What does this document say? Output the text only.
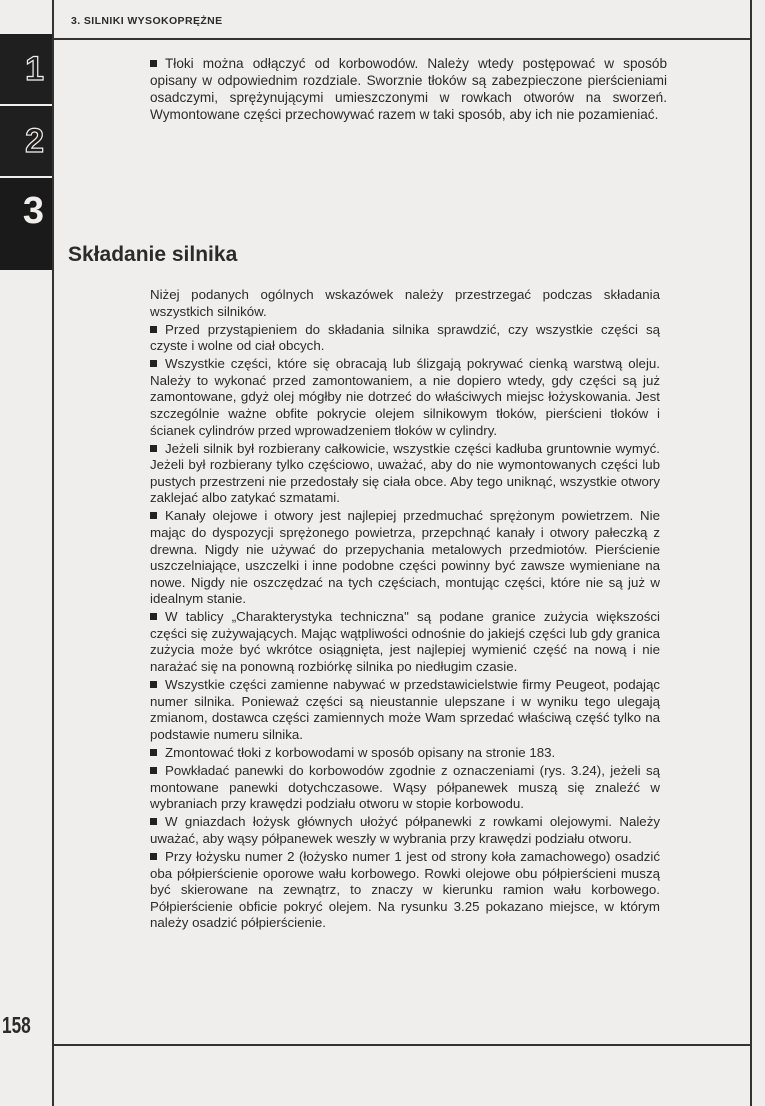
3. SILNIKI WYSOKOPRĘŻNE
1
2
3
158
Tłoki można odłączyć od korbowodów. Należy wtedy postępować w sposób opisany w odpowiednim rozdziale. Sworznie tłoków są zabezpieczone pierścieniami osadczymi, sprężynującymi umieszczonymi w rowkach otworów na sworzeń. Wymontowane części przechowywać razem w taki sposób, aby ich nie pozamieniać.
Składanie silnika

Niżej podanych ogólnych wskazówek należy przestrzegać podczas składania wszystkich silników.

Przed przystąpieniem do składania silnika sprawdzić, czy wszystkie części są czyste i wolne od ciał obcych.

Wszystkie części, które się obracają lub ślizgają pokrywać cienką warstwą oleju. Należy to wykonać przed zamontowaniem, a nie dopiero wtedy, gdy części są już zamontowane, gdyż olej mógłby nie dotrzeć do właściwych miejsc łożyskowania. Jest szczególnie ważne obfite pokrycie olejem silnikowym tłoków, pierścieni tłoków i ścianek cylindrów przed wprowadzeniem tłoków w cylindry.

Jeżeli silnik był rozbierany całkowicie, wszystkie części kadłuba gruntownie wymyć. Jeżeli był rozbierany tylko częściowo, uważać, aby do nie wymontowanych części lub pustych przestrzeni nie przedostały się ciała obce. Aby tego uniknąć, wszystkie otwory zaklejać albo zatykać szmatami.

Kanały olejowe i otwory jest najlepiej przedmuchać sprężonym powietrzem. Nie mając do dyspozycji sprężonego powietrza, przepchnąć kanały i otwory pałeczką z drewna. Nigdy nie używać do przepychania metalowych przedmiotów. Pierścienie uszczelniające, uszczelki i inne podobne części powinny być zawsze wymieniane na nowe. Nigdy nie oszczędzać na tych częściach, montując części, które nie są już w idealnym stanie.

W tablicy „Charakterystyka techniczna" są podane granice zużycia większości części się zużywających. Mając wątpliwości odnośnie do jakiejś części lub gdy granica zużycia może być wkrótce osiągnięta, jest najlepiej wymienić część na nową i nie narażać się na ponowną rozbiórkę silnika po niedługim czasie.

Wszystkie części zamienne nabywać w przedstawicielstwie firmy Peugeot, podając numer silnika. Ponieważ części są nieustannie ulepszane i w wyniku tego ulegają zmianom, dostawca części zamiennych może Wam sprzedać właściwą część tylko na podstawie numeru silnika.

Zmontować tłoki z korbowodami w sposób opisany na stronie 183.

Powkładać panewki do korbowodów zgodnie z oznaczeniami (rys. 3.24), jeżeli są montowane panewki dotychczasowe. Wąsy półpanewek muszą się znaleźć w wybraniach przy krawędzi podziału otworu w stopie korbowodu.

W gniazdach łożysk głównych ułożyć półpanewki z rowkami olejowymi. Należy uważać, aby wąsy półpanewek weszły w wybrania przy krawędzi podziału otworu.

Przy łożysku numer 2 (łożysko numer 1 jest od strony koła zamachowego) osadzić oba półpierścienie oporowe wału korbowego. Rowki olejowe obu półpierścieni muszą być skierowane na zewnątrz, to znaczy w kierunku ramion wału korbowego. Półpierścienie obficie pokryć olejem. Na rysunku 3.25 pokazano miejsce, w którym należy osadzić półpierścienie.
